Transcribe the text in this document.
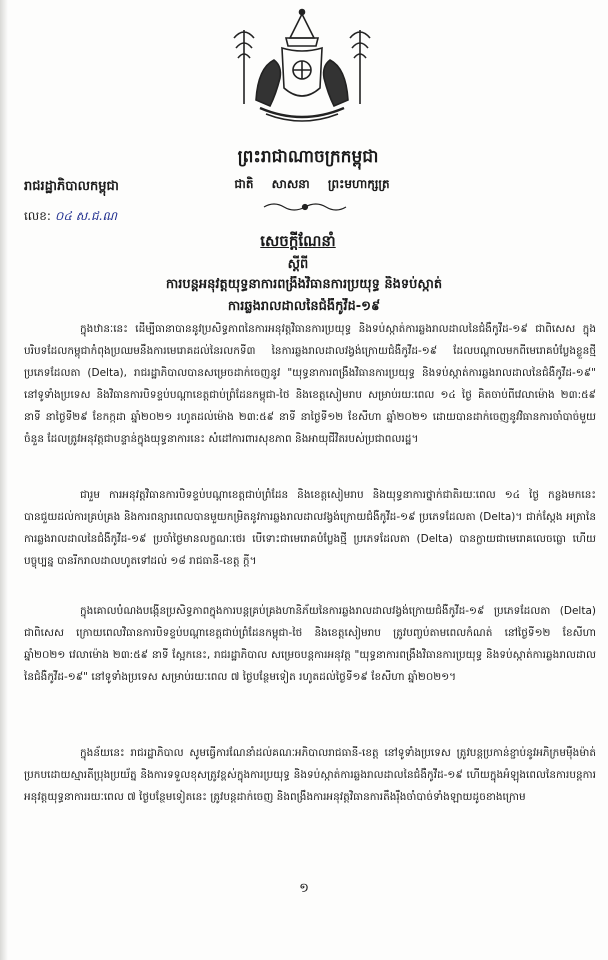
ព្រះរាជាណាចក្រកម្ពុជា
ជាតិ សាសនា ព្រះមហាក្សត្រ
រាជរដ្ឋាភិបាលកម្ពុជា
លេខ: ០៤ ស.ជ.ណ
សេចក្ដីណែនាំ
ស្ដីពី
ការបន្តអនុវត្តយុទ្ធនាការពង្រឹងវិធានការប្រយុទ្ធ និងទប់ស្កាត់
ការឆ្លងរាលដាលនៃជំងឺកូវីដ-១៩
ក្នុងឋានៈនេះ ដើម្បីធានាបាននូវប្រសិទ្ធភាពនៃការអនុវត្តវិធានការប្រយុទ្ធ និងទប់ស្កាត់ការឆ្លងរាលដាលនៃជំងឺកូវីដ-១៩ ជាពិសេស ក្នុងបរិបទដែលកម្ពុជាកំពុងប្រឈមនឹងការមេរោគដល់នៃរលកទី៣ នៃការឆ្លងរាលដាលវង្វង់ក្រោយជំងឺកូវីដ-១៩ ដែលបណ្ដាលមកពីមេរោគបំប្លែងខ្លួនថ្មី ប្រភេទដែលតា (Delta), រាជរដ្ឋាភិបាលបានសម្រេចដាក់ចេញនូវ "យុទ្ធនាការពង្រឹងវិធានការប្រយុទ្ធ និងទប់ស្កាត់ការឆ្លងរាលដាលនៃជំងឺកូវីដ-១៩" នៅទូទាំងប្រទេស និងវិធានការបិទខ្ទប់បណ្ដាខេត្តជាប់ព្រំដែនកម្ពុជា-ថៃ និងខេត្តសៀមរាប សម្រាប់រយៈពេល ១៤ ថ្ងៃ គិតចាប់ពីវេលាម៉ោង ២៣:៥៩ នាទី នាថ្ងៃទី២៩ ខែកក្កដា ឆ្នាំ២០២១ រហូតដល់ម៉ោង ២៣:៥៩ នាទី នាថ្ងៃទី១២ ខែសីហា ឆ្នាំ២០២១ ដោយបានដាក់ចេញនូវវិធានការចាំបាច់មួយចំនួន ដែលត្រូវអនុវត្តជាបន្ទាន់ក្នុងយុទ្ធនាការនេះ សំដៅការពារសុខភាព និងអាយុជីវិតរបស់ប្រជាពលរដ្ឋ។
ជារួម ការអនុវត្តវិធានការបិទខ្ទប់បណ្ដាខេត្តជាប់ព្រំដែន និងខេត្តសៀមរាប និងយុទ្ធនាការថ្នាក់ជាតិរយៈពេល ១៤ ថ្ងៃ កន្លងមកនេះ បានជួយដល់ការគ្រប់គ្រង និងការពន្យារពេលបានមួយកម្រិតនូវការឆ្លងរាលដាលវង្វង់ក្រោយជំងឺកូវីដ-១៩ ប្រភេទដែលតា (Delta)។ ជាក់ស្ដែង អត្រានៃការឆ្លងរាលដាលនៃជំងឺកូវីដ-១៩ ប្រចាំថ្ងៃមានលក្ខណៈថេរ បើទោះជាមេរោគបំប្លែងថ្មី ប្រភេទដែលតា (Delta) បានក្លាយជាមេរោគលេចធ្លោ ហើយបច្ចុប្បន្ន បានរីករាលដាលហូតទៅដល់ ១៨ រាជធានី-ខេត្ត ក្ដី។
ក្នុងគោលបំណងបង្កើនប្រសិទ្ធភាពក្នុងការបន្តគ្រប់គ្រងហានិភ័យនៃការឆ្លងរាលដាលវង្វង់ក្រោយជំងឺកូវីដ-១៩ ប្រភេទដែលតា (Delta) ជាពិសេស ក្រោយពេលវិធានការបិទខ្ទប់បណ្ដាខេត្តជាប់ព្រំដែនកម្ពុជា-ថៃ និងខេត្តសៀមរាប ត្រូវបញ្ចប់តាមពេលកំណត់ នៅថ្ងៃទី១២ ខែសីហា ឆ្នាំ២០២១ វេលាម៉ោង ២៣:៥៩ នាទី ស្អែកនេះ, រាជរដ្ឋាភិបាល សម្រេចបន្តការអនុវត្ត "យុទ្ធនាការពង្រឹងវិធានការប្រយុទ្ធ និងទប់ស្កាត់ការឆ្លងរាលដាលនៃជំងឺកូវីដ-១៩" នៅទូទាំងប្រទេស សម្រាប់រយៈពេល ៧ ថ្ងៃបន្ថែមទៀត រហូតដល់ថ្ងៃទី១៩ ខែសីហា ឆ្នាំ២០២១។
ក្នុងន័យនេះ រាជរដ្ឋាភិបាល សូមធ្វើការណែនាំដល់គណៈអភិបាលរាជធានី-ខេត្ត នៅទូទាំងប្រទេស ត្រូវបន្តប្រកាន់ខ្ជាប់នូវអភិក្រមម៉ឺងម៉ាត់ប្រកបដោយស្មារតីប្រុងប្រយ័ត្ន និងការទទួលខុសត្រូវខ្ពស់ក្នុងការប្រយុទ្ធ និងទប់ស្កាត់ការឆ្លងរាលដាលនៃជំងឺកូវីដ-១៩ ហើយក្នុងអំឡុងពេលនៃការបន្តការអនុវត្តយុទ្ធនាការរយៈពេល ៧ ថ្ងៃបន្ថែមទៀតនេះ ត្រូវបន្តដាក់ចេញ និងពង្រឹងការអនុវត្តវិធានការតឹងរ៉ឹងចាំបាច់ទាំងឡាយដូចខាងក្រោម
១
